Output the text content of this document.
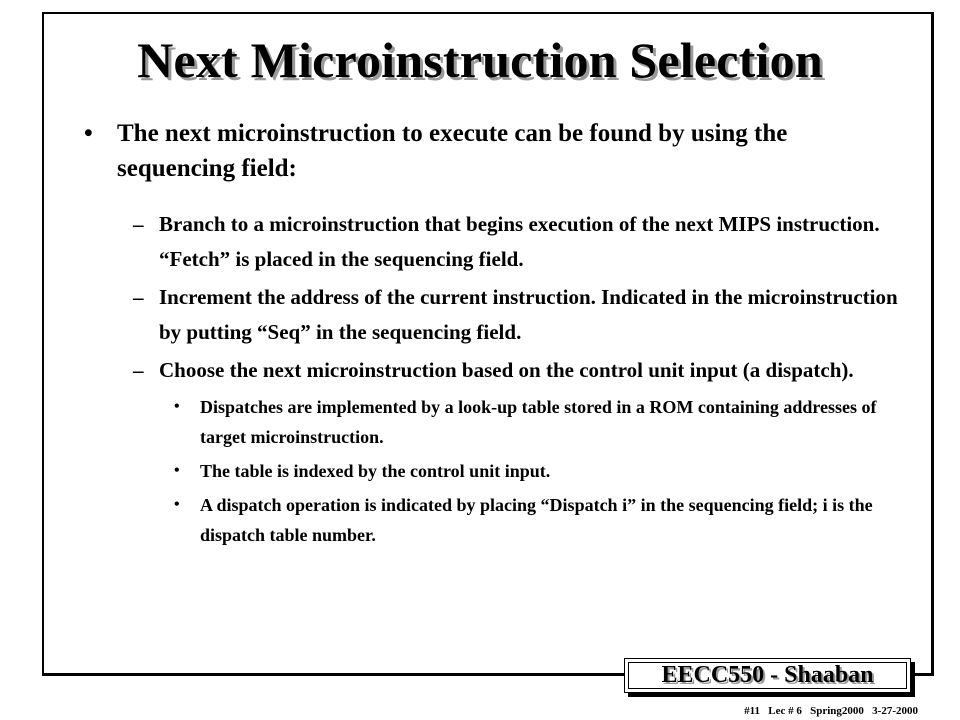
Next Microinstruction Selection
• The next microinstruction to execute can be found by using the sequencing field:
– Branch to a microinstruction that begins execution of the next MIPS instruction. “Fetch” is placed in the sequencing field.
– Increment the address of the current instruction. Indicated in the microinstruction by putting “Seq” in the sequencing field.
– Choose the next microinstruction based on the control unit input (a dispatch).
• Dispatches are implemented by a look-up table stored in a ROM containing addresses of target microinstruction.
• The table is indexed by the control unit input.
• A dispatch operation is indicated by placing “Dispatch i” in the sequencing field; i is the dispatch table number.
EECC550 - Shaaban
#11   Lec # 6   Spring2000   3-27-2000
